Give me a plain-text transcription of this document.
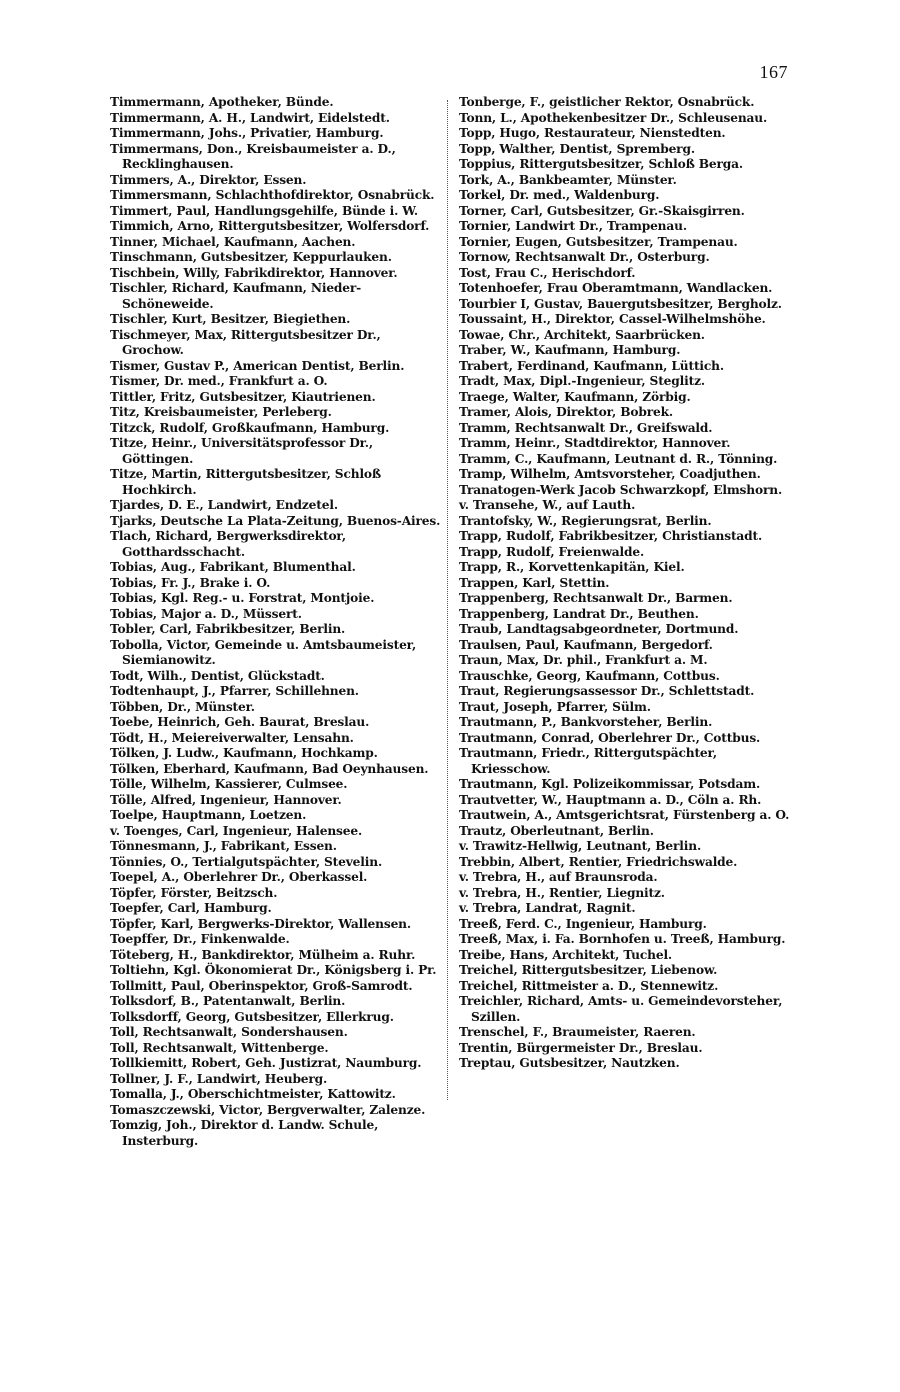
167
Timmermann, Apotheker, Bünde.
Timmermann, A. H., Landwirt, Eidelstedt.
Timmermann, Johs., Privatier, Hamburg.
Timmermans, Don., Kreisbaumeister a. D., Recklinghausen.
Timmers, A., Direktor, Essen.
Timmersmann, Schlachthofdirektor, Osnabrück.
Timmert, Paul, Handlungsgehilfe, Bünde i. W.
Timmich, Arno, Rittergutsbesitzer, Wolfersdorf.
Tinner, Michael, Kaufmann, Aachen.
Tinschmann, Gutsbesitzer, Keppurlauken.
Tischbein, Willy, Fabrikdirektor, Hannover.
Tischler, Richard, Kaufmann, Nieder-Schöneweide.
Tischler, Kurt, Besitzer, Biegiethen.
Tischmeyer, Max, Rittergutsbesitzer Dr., Grochow.
Tismer, Gustav P., American Dentist, Berlin.
Tismer, Dr. med., Frankfurt a. O.
Tittler, Fritz, Gutsbesitzer, Kiautrienen.
Titz, Kreisbaumeister, Perleberg.
Titzck, Rudolf, Großkaufmann, Hamburg.
Titze, Heinr., Universitätsprofessor Dr., Göttingen.
Titze, Martin, Rittergutsbesitzer, Schloß Hochkirch.
Tjardes, D. E., Landwirt, Endzetel.
Tjarks, Deutsche La Plata-Zeitung, Buenos-Aires.
Tlach, Richard, Bergwerksdirektor, Gotthardsschacht.
Tobias, Aug., Fabrikant, Blumenthal.
Tobias, Fr. J., Brake i. O.
Tobias, Kgl. Reg.- u. Forstrat, Montjoie.
Tobias, Major a. D., Müssert.
Tobler, Carl, Fabrikbesitzer, Berlin.
Tobolla, Victor, Gemeinde u. Amtsbaumeister, Siemianowitz.
Todt, Wilh., Dentist, Glückstadt.
Todtenhaupt, J., Pfarrer, Schillehnen.
Többen, Dr., Münster.
Toebe, Heinrich, Geh. Baurat, Breslau.
Tödt, H., Meiereiverwalter, Lensahn.
Tölken, J. Ludw., Kaufmann, Hochkamp.
Tölken, Eberhard, Kaufmann, Bad Oeynhausen.
Tölle, Wilhelm, Kassierer, Culmsee.
Tölle, Alfred, Ingenieur, Hannover.
Toelpe, Hauptmann, Loetzen.
v. Toenges, Carl, Ingenieur, Halensee.
Tönnesmann, J., Fabrikant, Essen.
Tönnies, O., Tertialgutspächter, Stevelin.
Toepel, A., Oberlehrer Dr., Oberkassel.
Töpfer, Förster, Beitzsch.
Toepfer, Carl, Hamburg.
Töpfer, Karl, Bergwerks-Direktor, Wallensen.
Toepffer, Dr., Finkenwalde.
Töteberg, H., Bankdirektor, Mülheim a. Ruhr.
Toltiehn, Kgl. Ökonomierat Dr., Königsberg i. Pr.
Tollmitt, Paul, Oberinspektor, Groß-Samrodt.
Tolksdorf, B., Patentanwalt, Berlin.
Tolksdorff, Georg, Gutsbesitzer, Ellerkrug.
Toll, Rechtsanwalt, Sondershausen.
Toll, Rechtsanwalt, Wittenberge.
Tollkiemitt, Robert, Geh. Justizrat, Naumburg.
Tollner, J. F., Landwirt, Heuberg.
Tomalla, J., Oberschichtmeister, Kattowitz.
Tomaszczewski, Victor, Bergverwalter, Zalenze.
Tomzig, Joh., Direktor d. Landw. Schule, Insterburg.
Tonberge, F., geistlicher Rektor, Osnabrück.
Tonn, L., Apothekenbesitzer Dr., Schleusenau.
Topp, Hugo, Restaurateur, Nienstedten.
Topp, Walther, Dentist, Spremberg.
Toppius, Rittergutsbesitzer, Schloß Berga.
Tork, A., Bankbeamter, Münster.
Torkel, Dr. med., Waldenburg.
Torner, Carl, Gutsbesitzer, Gr.-Skaisgirren.
Tornier, Landwirt Dr., Trampenau.
Tornier, Eugen, Gutsbesitzer, Trampenau.
Tornow, Rechtsanwalt Dr., Osterburg.
Tost, Frau C., Herischdorf.
Totenhoefer, Frau Oberamtmann, Wandlacken.
Tourbier I, Gustav, Bauergutsbesitzer, Bergholz.
Toussaint, H., Direktor, Cassel-Wilhelmshöhe.
Towae, Chr., Architekt, Saarbrücken.
Traber, W., Kaufmann, Hamburg.
Trabert, Ferdinand, Kaufmann, Lüttich.
Tradt, Max, Dipl.-Ingenieur, Steglitz.
Traege, Walter, Kaufmann, Zörbig.
Tramer, Alois, Direktor, Bobrek.
Tramm, Rechtsanwalt Dr., Greifswald.
Tramm, Heinr., Stadtdirektor, Hannover.
Tramm, C., Kaufmann, Leutnant d. R., Tönning.
Tramp, Wilhelm, Amtsvorsteher, Coadjuthen.
Tranatogen-Werk Jacob Schwarzkopf, Elmshorn.
v. Transehe, W., auf Lauth.
Trantofsky, W., Regierungsrat, Berlin.
Trapp, Rudolf, Fabrikbesitzer, Christianstadt.
Trapp, Rudolf, Freienwalde.
Trapp, R., Korvettenkapitän, Kiel.
Trappen, Karl, Stettin.
Trappenberg, Rechtsanwalt Dr., Barmen.
Trappenberg, Landrat Dr., Beuthen.
Traub, Landtagsabgeordneter, Dortmund.
Traulsen, Paul, Kaufmann, Bergedorf.
Traun, Max, Dr. phil., Frankfurt a. M.
Trauschke, Georg, Kaufmann, Cottbus.
Traut, Regierungsassessor Dr., Schlettstadt.
Traut, Joseph, Pfarrer, Sülm.
Trautmann, P., Bankvorsteher, Berlin.
Trautmann, Conrad, Oberlehrer Dr., Cottbus.
Trautmann, Friedr., Rittergutspächter, Kriesschow.
Trautmann, Kgl. Polizeikommissar, Potsdam.
Trautvetter, W., Hauptmann a. D., Cöln a. Rh.
Trautwein, A., Amtsgerichtsrat, Fürstenberg a. O.
Trautz, Oberleutnant, Berlin.
v. Trawitz-Hellwig, Leutnant, Berlin.
Trebbin, Albert, Rentier, Friedrichswalde.
v. Trebra, H., auf Braunsroda.
v. Trebra, H., Rentier, Liegnitz.
v. Trebra, Landrat, Ragnit.
Treeß, Ferd. C., Ingenieur, Hamburg.
Treeß, Max, i. Fa. Bornhofen u. Treeß, Hamburg.
Treibe, Hans, Architekt, Tuchel.
Treichel, Rittergutsbesitzer, Liebenow.
Treichel, Rittmeister a. D., Stennewitz.
Treichler, Richard, Amts- u. Gemeindevorsteher, Szillen.
Trenschel, F., Braumeister, Raeren.
Trentin, Bürgermeister Dr., Breslau.
Treptau, Gutsbesitzer, Nautzken.
